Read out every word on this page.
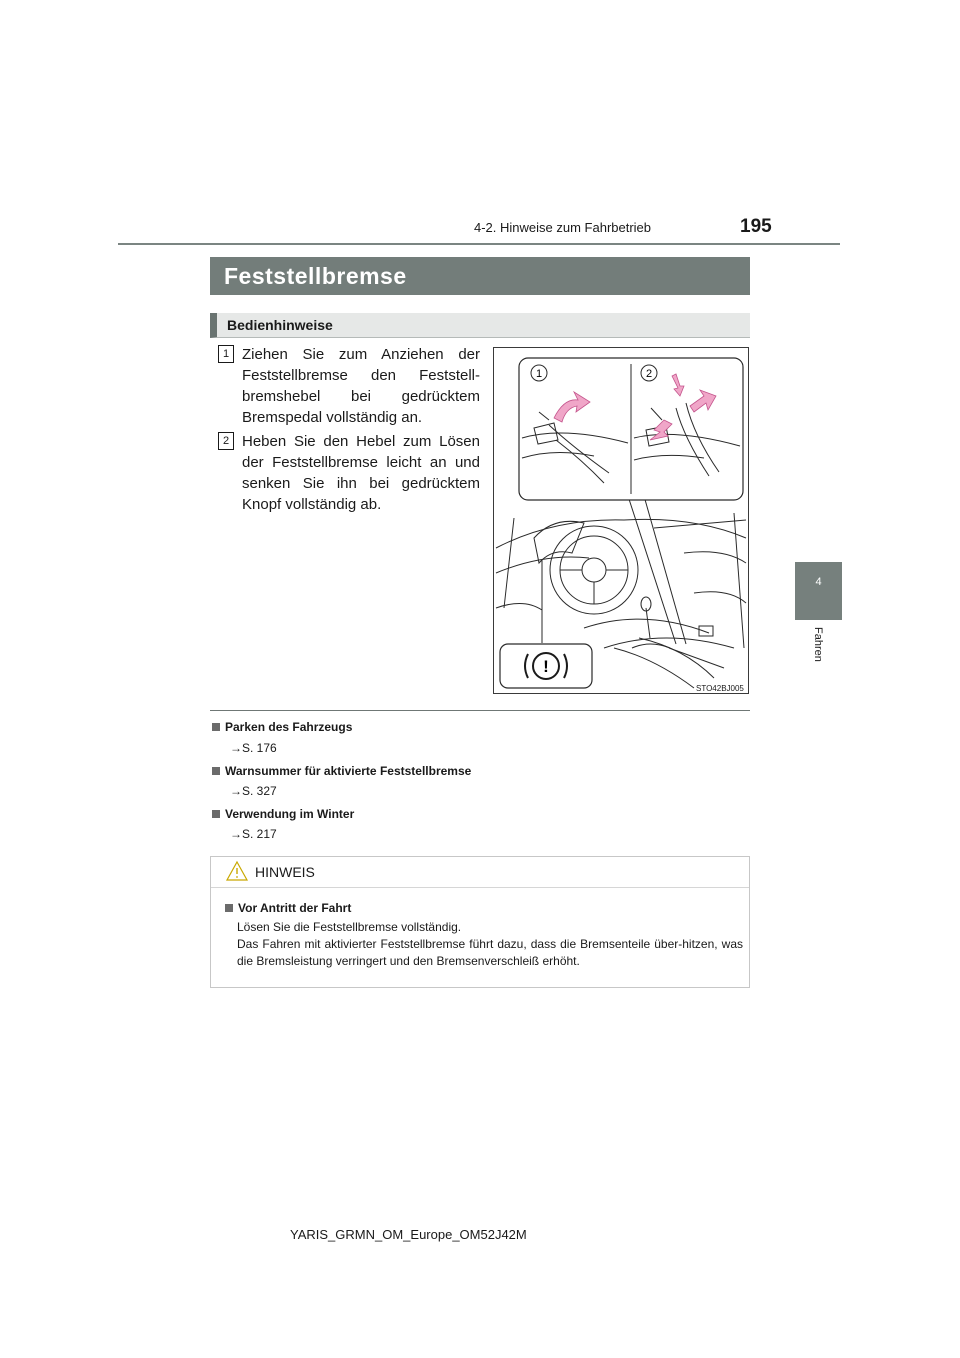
4-2. Hinweise zum Fahrbetrieb	195
4
Fahren
Feststellbremse
Bedienhinweise
1 Ziehen Sie zum Anziehen der Feststellbremse den Feststell-bremshebel bei gedrücktem Bremspedal vollständig an.
2 Heben Sie den Hebel zum Lösen der Feststellbremse leicht an und senken Sie ihn bei gedrücktem Knopf vollständig ab.
1	2
!
STO42BJ005
Parken des Fahrzeugs
→S. 176
Warnsummer für aktivierte Feststellbremse
→S. 327
Verwendung im Winter
→S. 217
HINWEIS
Vor Antritt der Fahrt
Lösen Sie die Feststellbremse vollständig.
Das Fahren mit aktivierter Feststellbremse führt dazu, dass die Bremsenteile über-hitzen, was die Bremsleistung verringert und den Bremsenverschleiß erhöht.
YARIS_GRMN_OM_Europe_OM52J42M
